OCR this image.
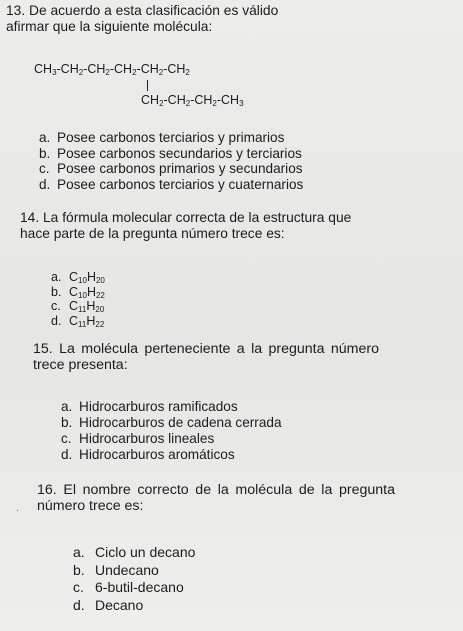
13. De acuerdo a esta clasificación es válido afirmar que la siguiente molécula:
$CH_3-CH_2-CH_2-CH_2-CH_2-CH_2$
$CH_2-CH_2-CH_2-CH_3$
a. Posee carbonos terciarios y primarios
b. Posee carbonos secundarios y terciarios
c. Posee carbonos primarios y secundarios
d. Posee carbonos terciarios y cuaternarios
14. La fórmula molecular correcta de la estructura que hace parte de la pregunta número trece es:
a. $C_{10}H_{20}$
b. $C_{10}H_{22}$
c. $C_{11}H_{20}$
d. $C_{11}H_{22}$
15. La molécula perteneciente a la pregunta número trece presenta:
a. Hidrocarburos ramificados
b. Hidrocarburos de cadena cerrada
c. Hidrocarburos lineales
d. Hidrocarburos aromáticos
.
16. El nombre correcto de la molécula de la pregunta número trece es:
a. Ciclo un decano
b. Undecano
c. 6-butil-decano
d. Decano
